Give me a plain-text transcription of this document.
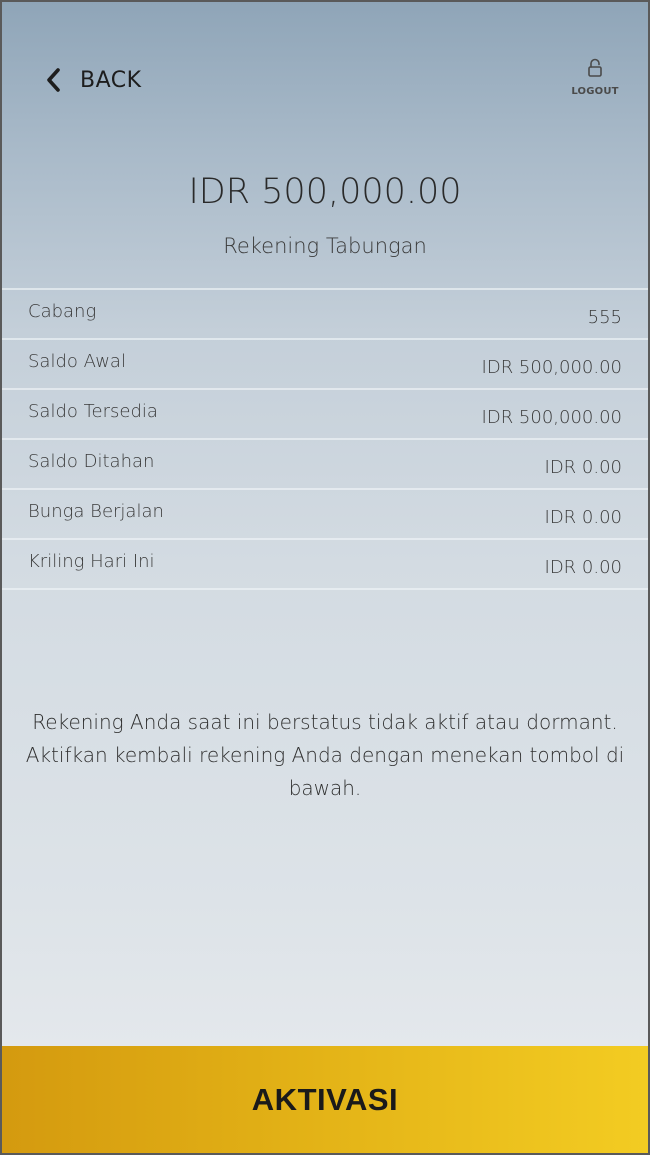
BACK	LOGOUT
IDR 500,000.00
Rekening Tabungan
Cabang	555
Saldo Awal	IDR 500,000.00
Saldo Tersedia	IDR 500,000.00
Saldo Ditahan	IDR 0.00
Bunga Berjalan	IDR 0.00
Kriling Hari Ini	IDR 0.00
Rekening Anda saat ini berstatus tidak aktif atau dormant. Aktifkan kembali rekening Anda dengan menekan tombol di bawah.
AKTIVASI
